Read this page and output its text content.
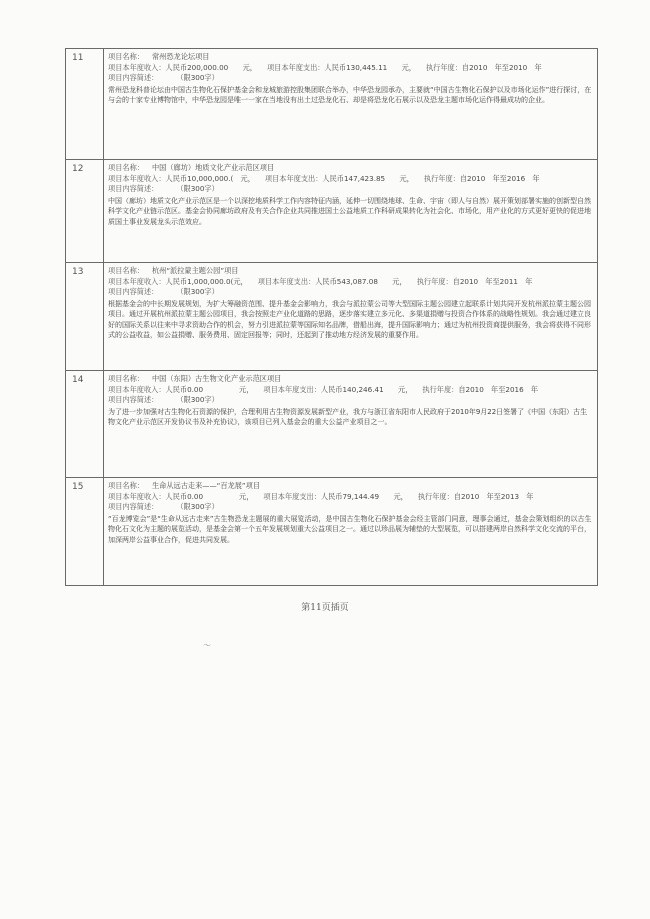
11	项目名称： 常州恐龙论坛项目
项目本年度收入：人民币200,000.00　　元， 项目本年度支出：人民币130,445.11　　元， 执行年度：自2010　年至2010　年
项目内容简述： （限300字）
常州恐龙科普论坛由中国古生物化石保护基金会和龙城旅游控股集团联合举办，中华恐龙园承办，主要就“中国古生物化石保护以及市场化运作”进行探讨，在与会的十家专业博物馆中，中华恐龙园是唯一一家在当地没有出土过恐龙化石、却是将恐龙化石展示以及恐龙主题市场化运作得最成功的企业。

12	项目名称： 中国（廊坊）地质文化产业示范区项目
项目本年度收入：人民币10,000,000.(　元， 项目本年度支出：人民币147,423.85　　元， 执行年度：自2010　年至2016　年
项目内容简述： （限300字）
中国（廊坊）地质文化产业示范区是一个以深挖地质科学工作内容特征内涵，延伸一切围绕地球、生命、宇宙（即人与自然）展开策划部署实施的创新型自然科学文化产业链示范区。基金会协同廊坊政府及有关合作企业共同推进国土公益地质工作科研成果转化为社会化、市场化，用产业化的方式更好更快的促进地质国土事业发展龙头示范效应。

13	项目名称： 杭州“派拉蒙主题公园”项目
项目本年度收入：人民币1,000,000.0(元， 项目本年度支出：人民币543,087.08　　元， 执行年度：自2010　年至2011　年
项目内容简述： （限300字）
根据基金会的中长期发展规划，为扩大筹融资范围、提升基金会影响力，我会与派拉蒙公司等大型国际主题公园建立起联系计划共同开发杭州派拉蒙主题公园项目。通过开展杭州派拉蒙主题公园项目，我会按照走产业化道路的思路，逐步落实建立多元化、多渠道捐赠与投资合作体系的战略性规划。我会通过建立良好的国际关系以往来中寻求资助合作的机会，努力引进派拉蒙等国际知名品牌，借船出海，提升国际影响力；通过为杭州投资商提供服务，我会将获得不同形式的公益收益，如公益捐赠、服务费用、固定回报等；同时，还起到了推动地方经济发展的重要作用。

14	项目名称： 中国（东阳）古生物文化产业示范区项目
项目本年度收入：人民币0.00　　　　　元， 项目本年度支出：人民币140,246.41　　元， 执行年度：自2010　年至2016　年
项目内容简述： （限300字）
为了进一步加强对古生物化石资源的保护，合理利用古生物资源发展新型产业，我方与浙江省东阳市人民政府于2010年9月22日签署了《中国（东阳）古生物文化产业示范区开发协议书及补充协议》，该项目已列入基金会的重大公益产业项目之一。

15	项目名称： 生命从远古走来——“百龙展”项目
项目本年度收入：人民币0.00　　　　　元， 项目本年度支出：人民币79,144.49　　元， 执行年度：自2010　年至2013　年
项目内容简述： （限300字）
“百龙博览会”是“生命从远古走来”古生物恐龙主题展的重大展览活动，是中国古生物化石保护基金会经主管部门同意，理事会通过，基金会策划组织的以古生物化石文化为主题的展览活动，是基金会第一个五年发展规划重大公益项目之一。通过以珍品展为辅垫的大型展览，可以搭建两岸自然科学文化交流的平台，加深两岸公益事业合作，促进共同发展。
第11页插页
～
